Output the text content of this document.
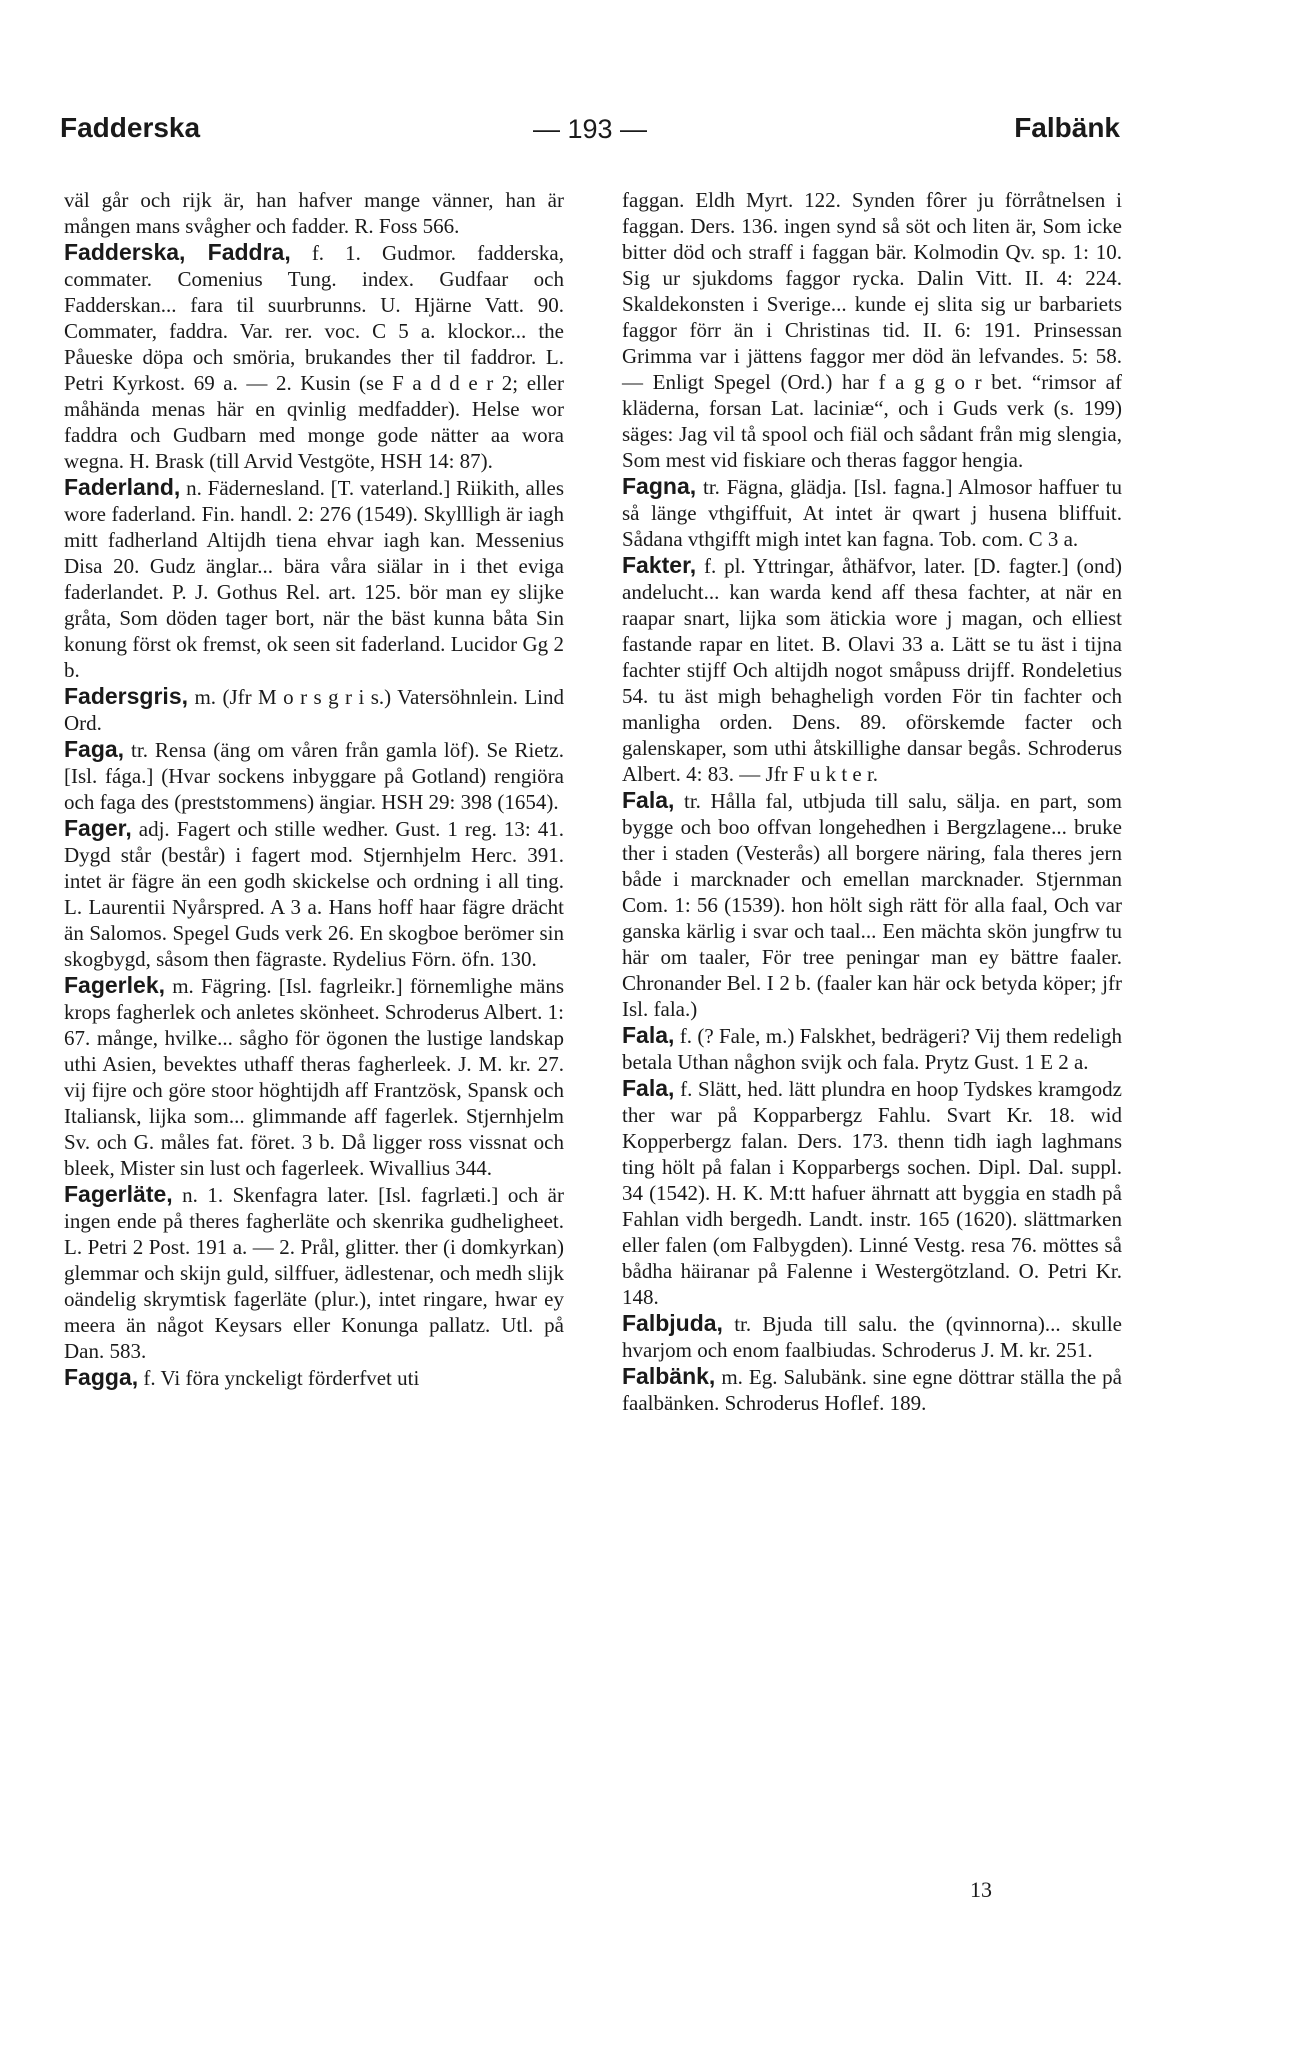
Fadderska	— 193 —	Falbänk

väl går och rijk är, han hafver mange vänner, han är mången mans svågher och fadder. R. Foss 566.

Fadderska, Faddra, f. 1. Gudmor. fadderska, commater. Comenius Tung. index. Gudfaar och Fadderskan... fara til suurbrunns. U. Hjärne Vatt. 90. Commater, faddra. Var. rer. voc. C 5 a. klockor... the Påueske döpa och smöria, brukandes ther til faddror. L. Petri Kyrkost. 69 a. — 2. Kusin (se F a d d e r 2; eller måhända menas här en qvinlig medfadder). Helse wor faddra och Gudbarn med monge gode nätter aa wora wegna. H. Brask (till Arvid Vestgöte, HSH 14: 87).

Faderland, n. Fädernesland. [T. vaterland.] Riikith, alles wore faderland. Fin. handl. 2: 276 (1549). Skyllligh är iagh mitt fadherland Altijdh tiena ehvar iagh kan. Messenius Disa 20. Gudz änglar... bära våra siälar in i thet eviga faderlandet. P. J. Gothus Rel. art. 125. bör man ey slijke gråta, Som döden tager bort, när the bäst kunna båta Sin konung först ok fremst, ok seen sit faderland. Lucidor Gg 2 b.

Fadersgris, m. (Jfr M o r s g r i s.) Vatersöhnlein. Lind Ord.

Faga, tr. Rensa (äng om våren från gamla löf). Se Rietz. [Isl. fága.] (Hvar sockens inbyggare på Gotland) rengiöra och faga des (preststommens) ängiar. HSH 29: 398 (1654).

Fager, adj. Fagert och stille wedher. Gust. 1 reg. 13: 41. Dygd står (består) i fagert mod. Stjernhjelm Herc. 391. intet är fägre än een godh skickelse och ordning i all ting. L. Laurentii Nyårspred. A 3 a. Hans hoff haar fägre drächt än Salomos. Spegel Guds verk 26. En skogboe berömer sin skogbygd, såsom then fägraste. Rydelius Förn. öfn. 130.

Fagerlek, m. Fägring. [Isl. fagrleikr.] förnemlighe mäns krops fagherlek och anletes skönheet. Schroderus Albert. 1: 67. månge, hvilke... sågho för ögonen the lustige landskap uthi Asien, bevektes uthaff theras fagherleek. J. M. kr. 27. vij fijre och göre stoor höghtijdh aff Frantzösk, Spansk och Italiansk, lijka som... glimmande aff fagerlek. Stjernhjelm Sv. och G. måles fat. föret. 3 b. Då ligger ross vissnat och bleek, Mister sin lust och fagerleek. Wivallius 344.

Fagerläte, n. 1. Skenfagra later. [Isl. fagrlæti.] och är ingen ende på theres fagherläte och skenrika gudheligheet. L. Petri 2 Post. 191 a. — 2. Prål, glitter. ther (i domkyrkan) glemmar och skijn guld, silffuer, ädlestenar, och medh slijk oändelig skrymtisk fagerläte (plur.), intet ringare, hwar ey meera än något Keysars eller Konunga pallatz. Utl. på Dan. 583.

Fagga, f. Vi föra ynckeligt förderfvet uti

faggan. Eldh Myrt. 122. Synden fôrer ju förråtnelsen i faggan. Ders. 136. ingen synd så söt och liten är, Som icke bitter död och straff i faggan bär. Kolmodin Qv. sp. 1: 10. Sig ur sjukdoms faggor rycka. Dalin Vitt. II. 4: 224. Skaldekonsten i Sverige... kunde ej slita sig ur barbariets faggor förr än i Christinas tid. II. 6: 191. Prinsessan Grimma var i jättens faggor mer död än lefvandes. 5: 58. — Enligt Spegel (Ord.) har f a g g o r bet. “rimsor af kläderna, forsan Lat. laciniæ“, och i Guds verk (s. 199) säges: Jag vil tå spool och fiäl och sådant från mig slengia, Som mest vid fiskiare och theras faggor hengia.

Fagna, tr. Fägna, glädja. [Isl. fagna.] Almosor haffuer tu så länge vthgiffuit, At intet är qwart j husena bliffuit. Sådana vthgifft migh intet kan fagna. Tob. com. C 3 a.

Fakter, f. pl. Yttringar, åthäfvor, later. [D. fagter.] (ond) andelucht... kan warda kend aff thesa fachter, at när en raapar snart, lijka som ätickia wore j magan, och elliest fastande rapar en litet. B. Olavi 33 a. Lätt se tu äst i tijna fachter stijff Och altijdh nogot småpuss drijff. Rondeletius 54. tu äst migh behagheligh vorden För tin fachter och manligha orden. Dens. 89. oförskemde facter och galenskaper, som uthi åtskillighe dansar begås. Schroderus Albert. 4: 83. — Jfr F u k t e r.

Fala, tr. Hålla fal, utbjuda till salu, sälja. en part, som bygge och boo offvan longehedhen i Bergzlagene... bruke ther i staden (Vesterås) all borgere näring, fala theres jern både i marcknader och emellan marcknader. Stjernman Com. 1: 56 (1539). hon hölt sigh rätt för alla faal, Och var ganska kärlig i svar och taal... Een mächta skön jungfrw tu här om taaler, För tree peningar man ey bättre faaler. Chronander Bel. I 2 b. (faaler kan här ock betyda köper; jfr Isl. fala.)

Fala, f. (? Fale, m.) Falskhet, bedrägeri? Vij them redeligh betala Uthan någhon svijk och fala. Prytz Gust. 1 E 2 a.

Fala, f. Slätt, hed. lätt plundra en hoop Tydskes kramgodz ther war på Kopparbergz Fahlu. Svart Kr. 18. wid Kopperbergz falan. Ders. 173. thenn tidh iagh laghmans ting hölt på falan i Kopparbergs sochen. Dipl. Dal. suppl. 34 (1542). H. K. M:tt hafuer ährnatt att byggia en stadh på Fahlan vidh bergedh. Landt. instr. 165 (1620). slättmarken eller falen (om Falbygden). Linné Vestg. resa 76. möttes så bådha häiranar på Falenne i Westergötzland. O. Petri Kr. 148.

Falbjuda, tr. Bjuda till salu. the (qvinnorna)... skulle hvarjom och enom faalbiudas. Schroderus J. M. kr. 251.

Falbänk, m. Eg. Salubänk. sine egne döttrar ställa the på faalbänken. Schroderus Hoflef. 189.

13
